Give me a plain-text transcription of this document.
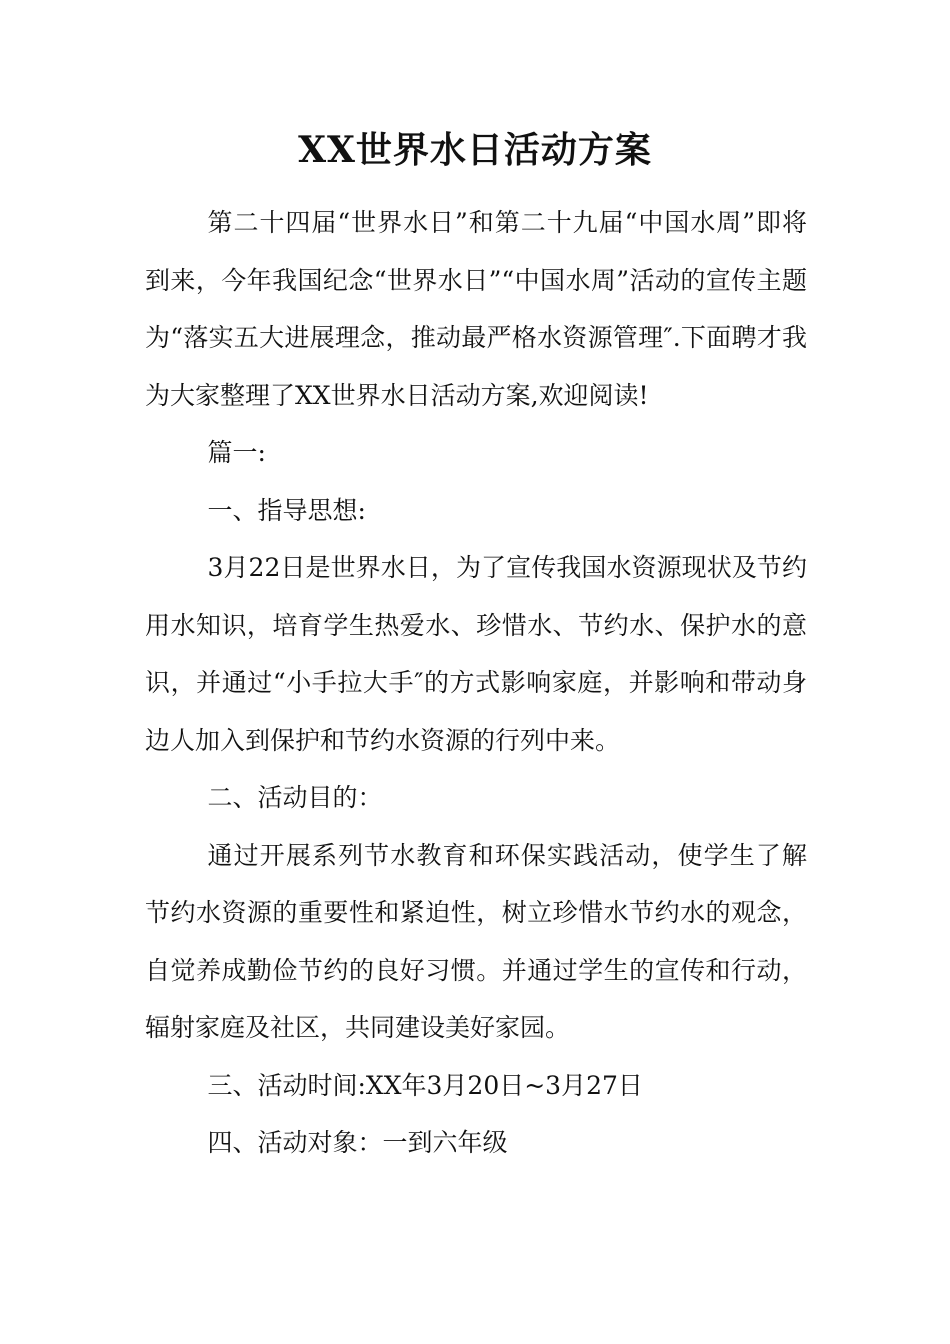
XX世界水日活动方案

第二十四届“世界水日”和第二十九届“中国水周”即将到来，今年我国纪念“世界水日”“中国水周”活动的宣传主题为“落实五大进展理念，推动最严格水资源管理″.下面聘才我为大家整理了XX世界水日活动方案,欢迎阅读!

篇一:

一、指导思想:

3月22日是世界水日，为了宣传我国水资源现状及节约用水知识，培育学生热爱水、珍惜水、节约水、保护水的意识，并通过“小手拉大手″的方式影响家庭，并影响和带动身边人加入到保护和节约水资源的行列中来。

二、活动目的：

通过开展系列节水教育和环保实践活动，使学生了解节约水资源的重要性和紧迫性，树立珍惜水节约水的观念，自觉养成勤俭节约的良好习惯。并通过学生的宣传和行动，辐射家庭及社区，共同建设美好家园。

三、活动时间:XX年3月20日~3月27日

四、活动对象：一到六年级
